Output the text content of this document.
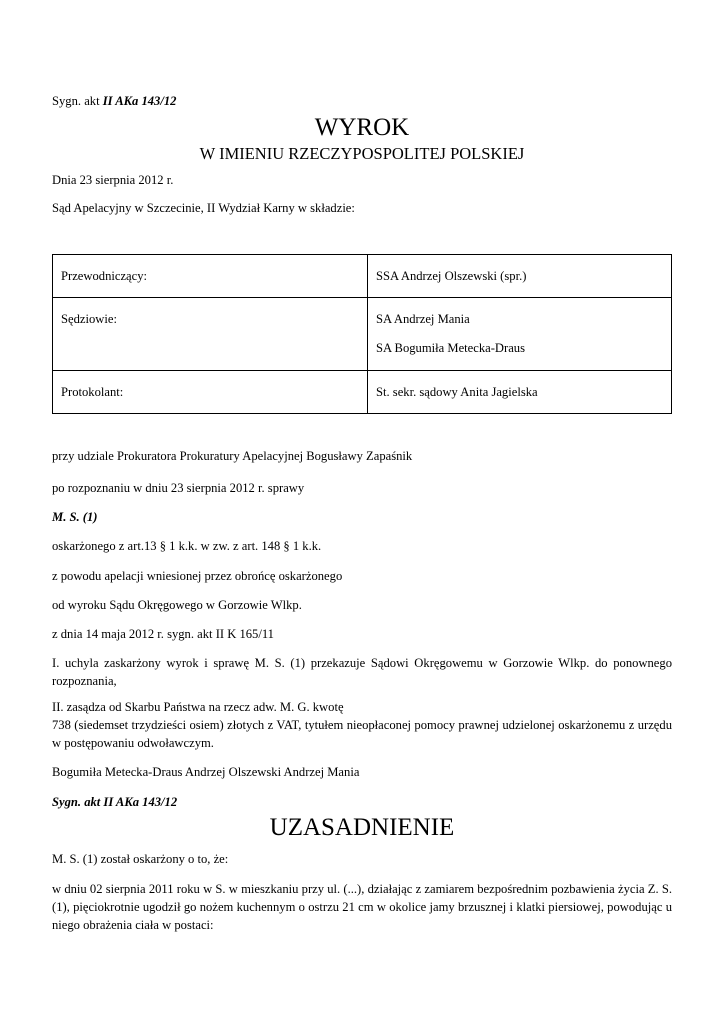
Sygn. akt II AKa 143/12
WYROK
W IMIENIU RZECZYPOSPOLITEJ POLSKIEJ
Dnia 23 sierpnia 2012 r.
Sąd Apelacyjny w Szczecinie, II Wydział Karny w składzie:
Przewodniczący:	SSA Andrzej Olszewski (spr.)

Sędziowie:	SA Andrzej Mania
SA Bogumiła Metecka-Draus

Protokolant:	St. sekr. sądowy Anita Jagielska
przy udziale Prokuratora Prokuratury Apelacyjnej Bogusławy Zapaśnik
po rozpoznaniu w dniu 23 sierpnia 2012 r. sprawy
M. S. (1)
oskarżonego z art.13 § 1 k.k. w zw. z art. 148 § 1 k.k.
z powodu apelacji wniesionej przez obrońcę oskarżonego
od wyroku Sądu Okręgowego w Gorzowie Wlkp.
z dnia 14 maja 2012 r. sygn. akt II K 165/11
I. uchyla zaskarżony wyrok i sprawę M. S. (1) przekazuje Sądowi Okręgowemu w Gorzowie Wlkp. do ponownego rozpoznania,
II. zasądza od Skarbu Państwa na rzecz adw. M. G. kwotę
738 (siedemset trzydzieści osiem) złotych z VAT, tytułem nieopłaconej pomocy prawnej udzielonej oskarżonemu z urzędu w postępowaniu odwoławczym.
Bogumiła Metecka-Draus Andrzej Olszewski Andrzej Mania
Sygn. akt II AKa 143/12
UZASADNIENIE
M. S. (1) został oskarżony o to, że:
w dniu 02 sierpnia 2011 roku w S. w mieszkaniu przy ul. (...), działając z zamiarem bezpośrednim pozbawienia życia Z. S. (1), pięciokrotnie ugodził go nożem kuchennym o ostrzu 21 cm w okolice jamy brzusznej i klatki piersiowej, powodując u niego obrażenia ciała w postaci:
